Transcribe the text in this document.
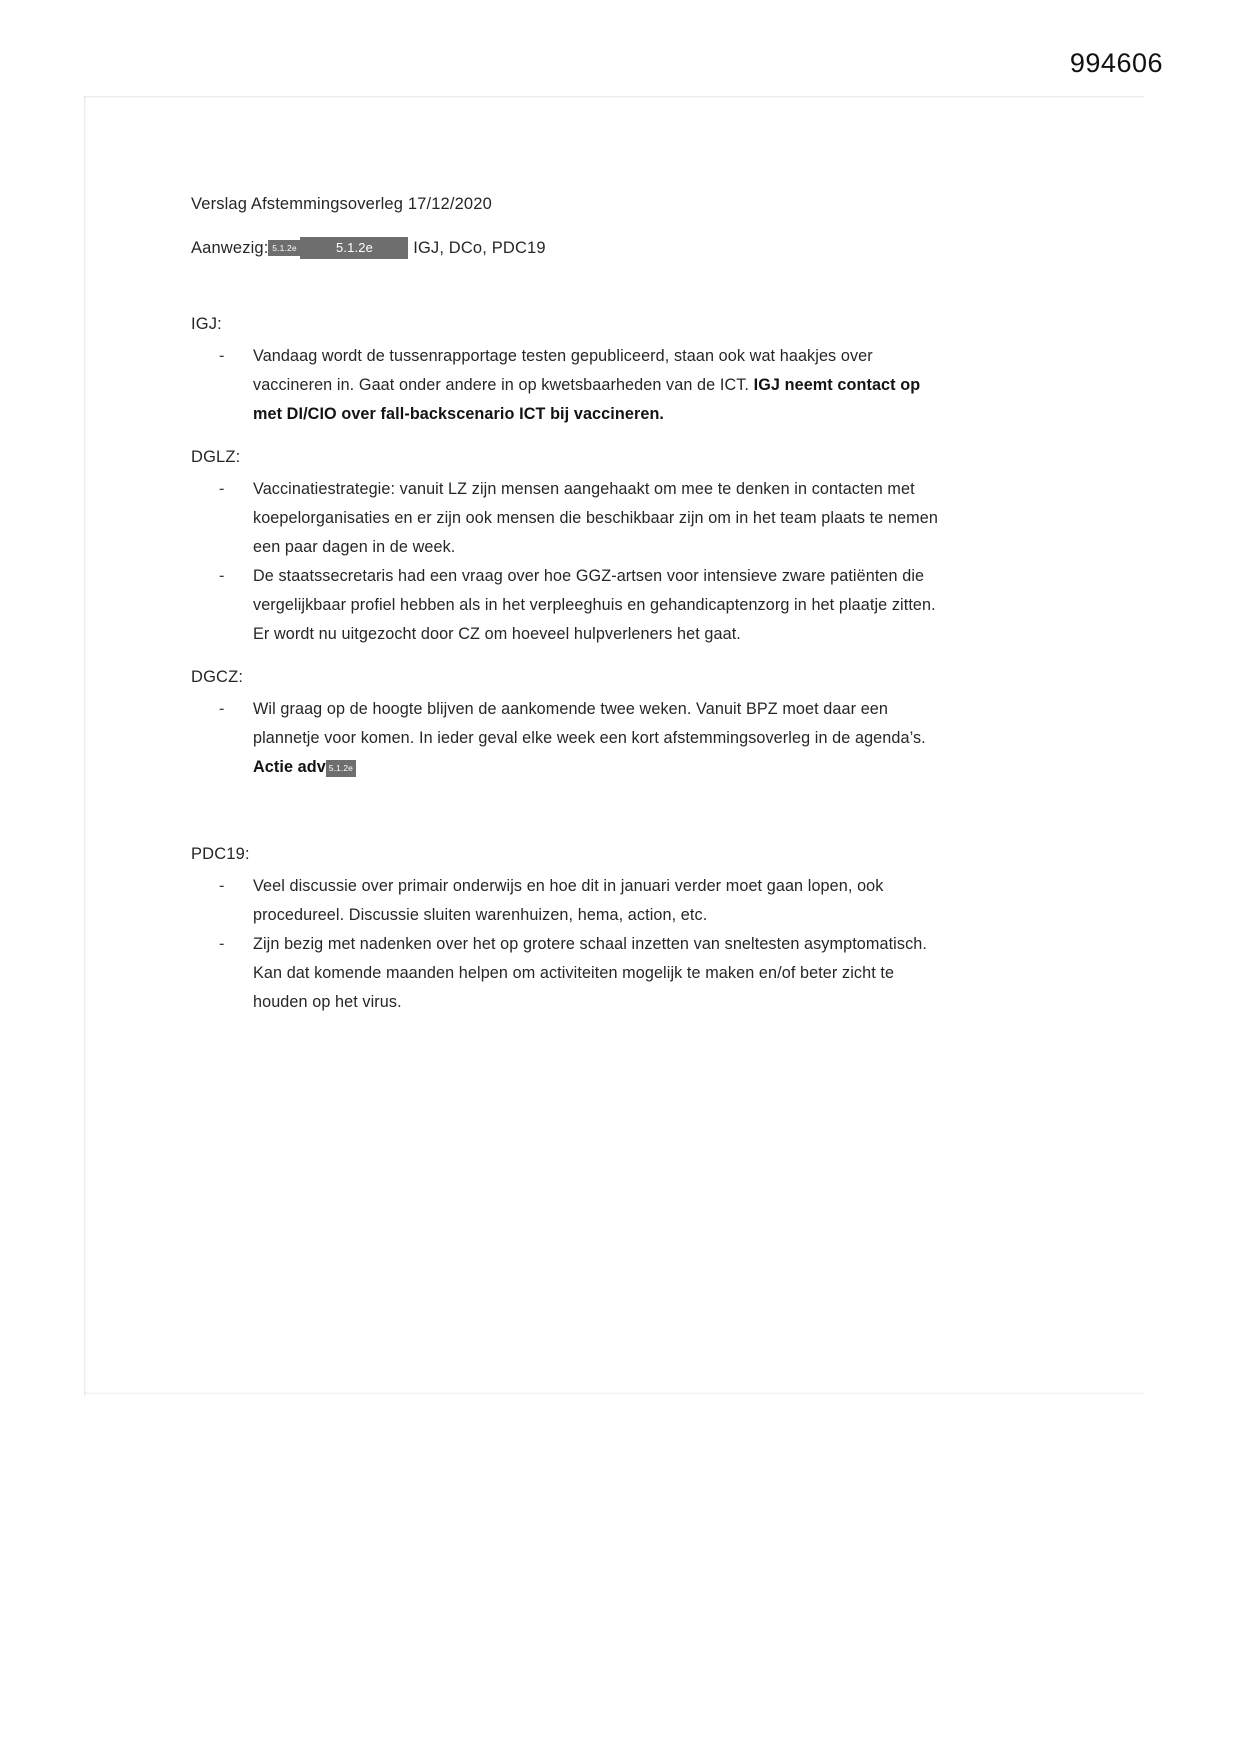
994606
Verslag Afstemmingsoverleg 17/12/2020
Aanwezig: 5.1.2e	5.1.2e	IGJ, DCo, PDC19
IGJ:
- Vandaag wordt de tussenrapportage testen gepubliceerd, staan ook wat haakjes over vaccineren in. Gaat onder andere in op kwetsbaarheden van de ICT. IGJ neemt contact op met DI/CIO over fall-backscenario ICT bij vaccineren.
DGLZ:
- Vaccinatiestrategie: vanuit LZ zijn mensen aangehaakt om mee te denken in contacten met koepelorganisaties en er zijn ook mensen die beschikbaar zijn om in het team plaats te nemen een paar dagen in de week.
- De staatssecretaris had een vraag over hoe GGZ-artsen voor intensieve zware patiënten die vergelijkbaar profiel hebben als in het verpleeghuis en gehandicaptenzorg in het plaatje zitten. Er wordt nu uitgezocht door CZ om hoeveel hulpverleners het gaat.
DGCZ:
- Wil graag op de hoogte blijven de aankomende twee weken. Vanuit BPZ moet daar een plannetje voor komen. In ieder geval elke week een kort afstemmingsoverleg in de agenda’s. Actie adv 5.1.2e
PDC19:
- Veel discussie over primair onderwijs en hoe dit in januari verder moet gaan lopen, ook procedureel. Discussie sluiten warenhuizen, hema, action, etc.
- Zijn bezig met nadenken over het op grotere schaal inzetten van sneltesten asymptomatisch. Kan dat komende maanden helpen om activiteiten mogelijk te maken en/of beter zicht te houden op het virus.
